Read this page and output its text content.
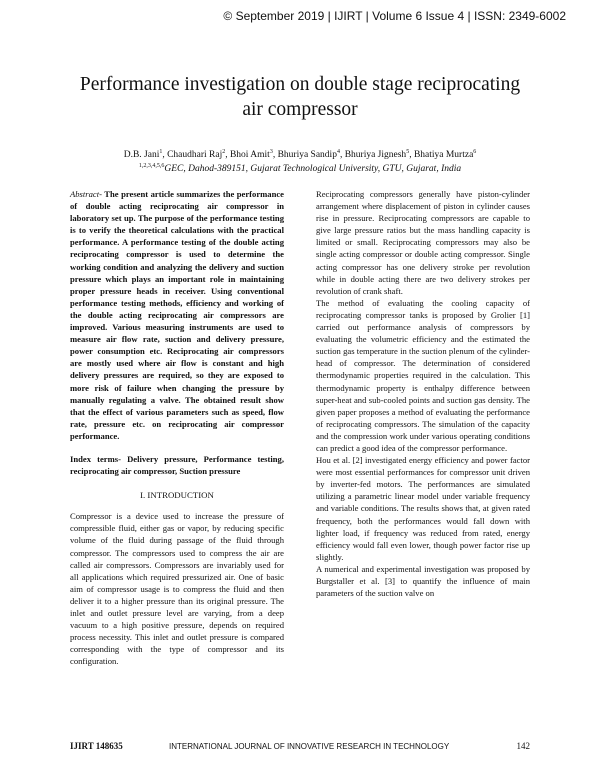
© September 2019 | IJIRT | Volume 6 Issue 4 | ISSN: 2349-6002
Performance investigation on double stage reciprocating
air compressor
D.B. Jani$^1$, Chaudhari Raj$^2$, Bhoi Amit$^3$, Bhuriya Sandip$^4$, Bhuriya Jignesh$^5$, Bhatiya Murtza$^6$
$^{1,2,3,4,5,6}$GEC, Dahod-389151, Gujarat Technological University, GTU, Gujarat, India

Abstract- The present article summarizes the performance of double acting reciprocating air compressor in laboratory set up. The purpose of the performance testing is to verify the theoretical calculations with the practical performance. A performance testing of the double acting reciprocating compressor is used to determine the working condition and analyzing the delivery and suction pressure which plays an important role in maintaining proper pressure heads in receiver. Using conventional performance testing methods, efficiency and working of the double acting reciprocating air compressors are improved. Various measuring instruments are used to measure air flow rate, suction and delivery pressure, power consumption etc. Reciprocating air compressors are mostly used where air flow is constant and high delivery pressures are required, so they are exposed to more risk of failure when changing the pressure by manually regulating a valve. The obtained result show that the effect of various parameters such as speed, flow rate, pressure etc. on reciprocating air compressor performance.

Index terms- Delivery pressure, Performance testing, reciprocating air compressor, Suction pressure

I. INTRODUCTION

Compressor is a device used to increase the pressure of compressible fluid, either gas or vapor, by reducing specific volume of the fluid during passage of the fluid through compressor. The compressors used to compress the air are called air compressors. Compressors are invariably used for all applications which required pressurized air. One of basic aim of compressor usage is to compress the fluid and then deliver it to a higher pressure than its original pressure. The inlet and outlet pressure level are varying, from a deep vacuum to a high positive pressure, depends on required process necessity. This inlet and outlet pressure is compared corresponding with the type of compressor and its configuration.

Reciprocating compressors generally have piston-cylinder arrangement where displacement of piston in cylinder causes rise in pressure. Reciprocating compressors are capable to give large pressure ratios but the mass handling capacity is limited or small. Reciprocating compressors may also be single acting compressor or double acting compressor. Single acting compressor has one delivery stroke per revolution while in double acting there are two delivery strokes per revolution of crank shaft.

The method of evaluating the cooling capacity of reciprocating compressor tanks is proposed by Grolier [1] carried out performance analysis of compressors by evaluating the volumetric efficiency and the estimated the suction gas temperature in the suction plenum of the cylinder-head of compressor. The determination of considered thermodynamic properties required in the calculation. This thermodynamic property is enthalpy difference between super-heat and sub-cooled points and suction gas density. The given paper proposes a method of evaluating the performance of reciprocating compressors. The simulation of the capacity and the compression work under various operating conditions can predict a good idea of the compressor performance.

Hou et al. [2] investigated energy efficiency and power factor were most essential performances for compressor unit driven by inverter-fed motors. The performances are simulated utilizing a parametric linear model under variable frequency and variable conditions. The results shows that, at given rated frequency, both the performances would fall down with lighter load, if frequency was reduced from rated, energy efficiency would fall even lower, though power factor rise up slightly.

A numerical and experimental investigation was proposed by Burgstaller et al. [3] to quantify the influence of main parameters of the suction valve on

IJIRT 148635	INTERNATIONAL JOURNAL OF INNOVATIVE RESEARCH IN TECHNOLOGY	142
